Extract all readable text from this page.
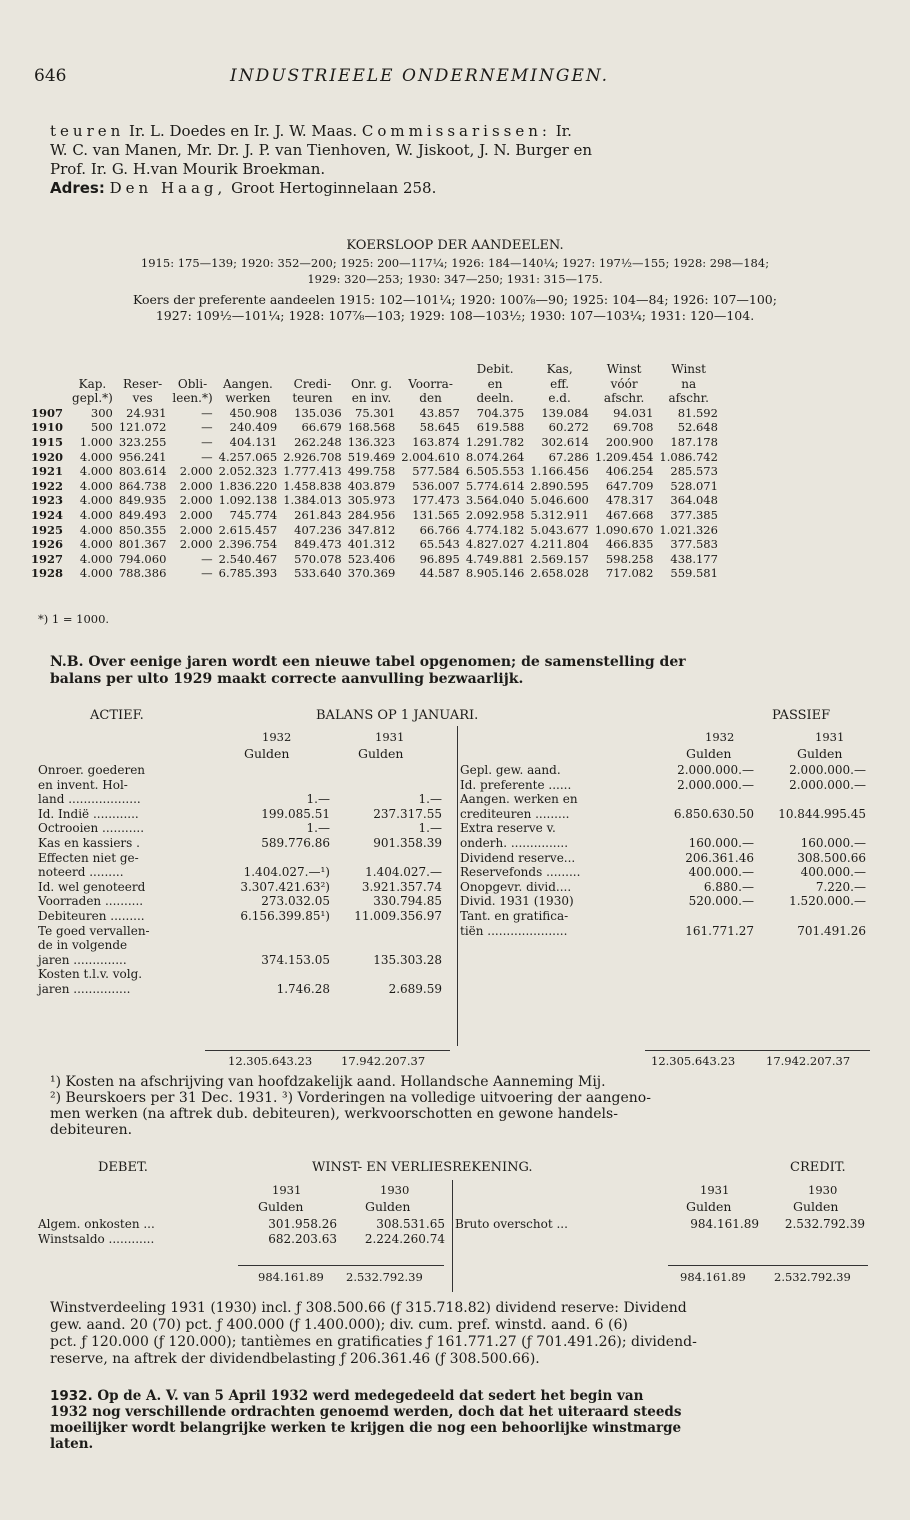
646	INDUSTRIEELE ONDERNEMINGEN.
teuren Ir. L. Doedes en Ir. J. W. Maas. Commissarissen: Ir.
W. C. van Manen, Mr. Dr. J. P. van Tienhoven, W. Jiskoot, J. N. Burger en
Prof. Ir. G. H.van Mourik Broekman.
Adres: Den Haag, Groot Hertoginnelaan 258.
KOERSLOOP DER AANDEELEN.
1915: 175—139; 1920: 352—200; 1925: 200—117¼; 1926: 184—140¼; 1927: 197½—155; 1928: 298—184;
1929: 320—253; 1930: 347—250; 1931: 315—175.
Koers der preferente aandeelen 1915: 102—101¼; 1920: 100⅞—90; 1925: 104—84; 1926: 107—100;
1927: 109½—101¼; 1928: 107⅞—103; 1929: 108—103½; 1930: 107—103¼; 1931: 120—104.
								Debit.	Kas,	Winst	Winst
	Kap.	Reser-	Obli-	Aangen.	Credi-	Onr. g.	Voorra-	en	eff.	vóór	na
	gepl.*)	ves	leen.*)	werken	teuren	en inv.	den	deeln.	e.d.	afschr.	afschr.
1907	300	24.931	—	450.908	135.036	75.301	43.857	704.375	139.084	94.031	81.592
1910	500	121.072	—	240.409	66.679	168.568	58.645	619.588	60.272	69.708	52.648
1915	1.000	323.255	—	404.131	262.248	136.323	163.874	1.291.782	302.614	200.900	187.178
1920	4.000	956.241	—	4.257.065	2.926.708	519.469	2.004.610	8.074.264	67.286	1.209.454	1.086.742
1921	4.000	803.614	2.000	2.052.323	1.777.413	499.758	577.584	6.505.553	1.166.456	406.254	285.573
1922	4.000	864.738	2.000	1.836.220	1.458.838	403.879	536.007	5.774.614	2.890.595	647.709	528.071
1923	4.000	849.935	2.000	1.092.138	1.384.013	305.973	177.473	3.564.040	5.046.600	478.317	364.048
1924	4.000	849.493	2.000	745.774	261.843	284.956	131.565	2.092.958	5.312.911	467.668	377.385
1925	4.000	850.355	2.000	2.615.457	407.236	347.812	66.766	4.774.182	5.043.677	1.090.670	1.021.326
1926	4.000	801.367	2.000	2.396.754	849.473	401.312	65.543	4.827.027	4.211.804	466.835	377.583
1927	4.000	794.060	—	2.540.467	570.078	523.406	96.895	4.749.881	2.569.157	598.258	438.177
1928	4.000	788.386	—	6.785.393	533.640	370.369	44.587	8.905.146	2.658.028	717.082	559.581
*) 1 = 1000.
N.B. Over eenige jaren wordt een nieuwe tabel opgenomen; de samenstelling der
balans per ulto 1929 maakt correcte aanvulling bezwaarlijk.
ACTIEF.	BALANS OP 1 JANUARI.	PASSIEF
1932	1931
Gulden	Gulden
1932	1931
Gulden	Gulden
Onroer. goederen		
en invent. Hol-		
land ...................	1.—	1.—
Id. Indië ............	199.085.51	237.317.55
Octrooien ...........	1.—	1.—
Kas en kassiers .	589.776.86	901.358.39
Effecten niet ge-		
noteerd .........	1.404.027.—¹)	1.404.027.—
Id. wel genoteerd	3.307.421.63²)	3.921.357.74
Voorraden ..........	273.032.05	330.794.85
Debiteuren .........	6.156.399.85¹)	11.009.356.97
Te goed vervallen-		
de in volgende		
jaren ..............	374.153.05	135.303.28
Kosten t.l.v. volg.		
jaren ...............	1.746.28	2.689.59
Gepl. gew. aand.	2.000.000.—	2.000.000.—
Id. preferente ......	2.000.000.—	2.000.000.—
Aangen. werken en		
crediteuren .........	6.850.630.50	10.844.995.45
Extra reserve v.		
onderh. ...............	160.000.—	160.000.—
Dividend reserve...	206.361.46	308.500.66
Reservefonds .........	400.000.—	400.000.—
Onopgevr. divid....	6.880.—	7.220.—
Divid. 1931 (1930)	520.000.—	1.520.000.—
Tant. en gratifica-		
tiën .....................	161.771.27	701.491.26
12.305.643.23	17.942.207.37	12.305.643.23	17.942.207.37
¹) Kosten na afschrijving van hoofdzakelijk aand. Hollandsche Aanneming Mij.
²) Beurskoers per 31 Dec. 1931. ³) Vorderingen na volledige uitvoering der aangeno-
men werken (na aftrek dub. debiteuren), werkvoorschotten en gewone handels-
debiteuren.
DEBET.	WINST- EN VERLIESREKENING.	CREDIT.
1931	1930
Gulden	Gulden
1931	1930
Gulden	Gulden
Algem. onkosten ...	301.958.26	308.531.65
Winstsaldo ............	682.203.63	2.224.260.74
Bruto overschot ...	984.161.89	2.532.792.39
984.161.89 2.532.792.39	984.161.89 2.532.792.39
Winstverdeeling 1931 (1930) incl. ƒ 308.500.66 (ƒ 315.718.82) dividend reserve: Dividend
gew. aand. 20 (70) pct. ƒ 400.000 (ƒ 1.400.000); div. cum. pref. winstd. aand. 6 (6)
pct. ƒ 120.000 (ƒ 120.000); tantièmes en gratificaties ƒ 161.771.27 (ƒ 701.491.26); dividend-
reserve, na aftrek der dividendbelasting ƒ 206.361.46 (ƒ 308.500.66).
1932. Op de A. V. van 5 April 1932 werd medegedeeld dat sedert het begin van
1932 nog verschillende ordrachten genoemd werden, doch dat het uiteraard steeds
moeilijker wordt belangrijke werken te krijgen die nog een behoorlijke winstmarge
laten.
